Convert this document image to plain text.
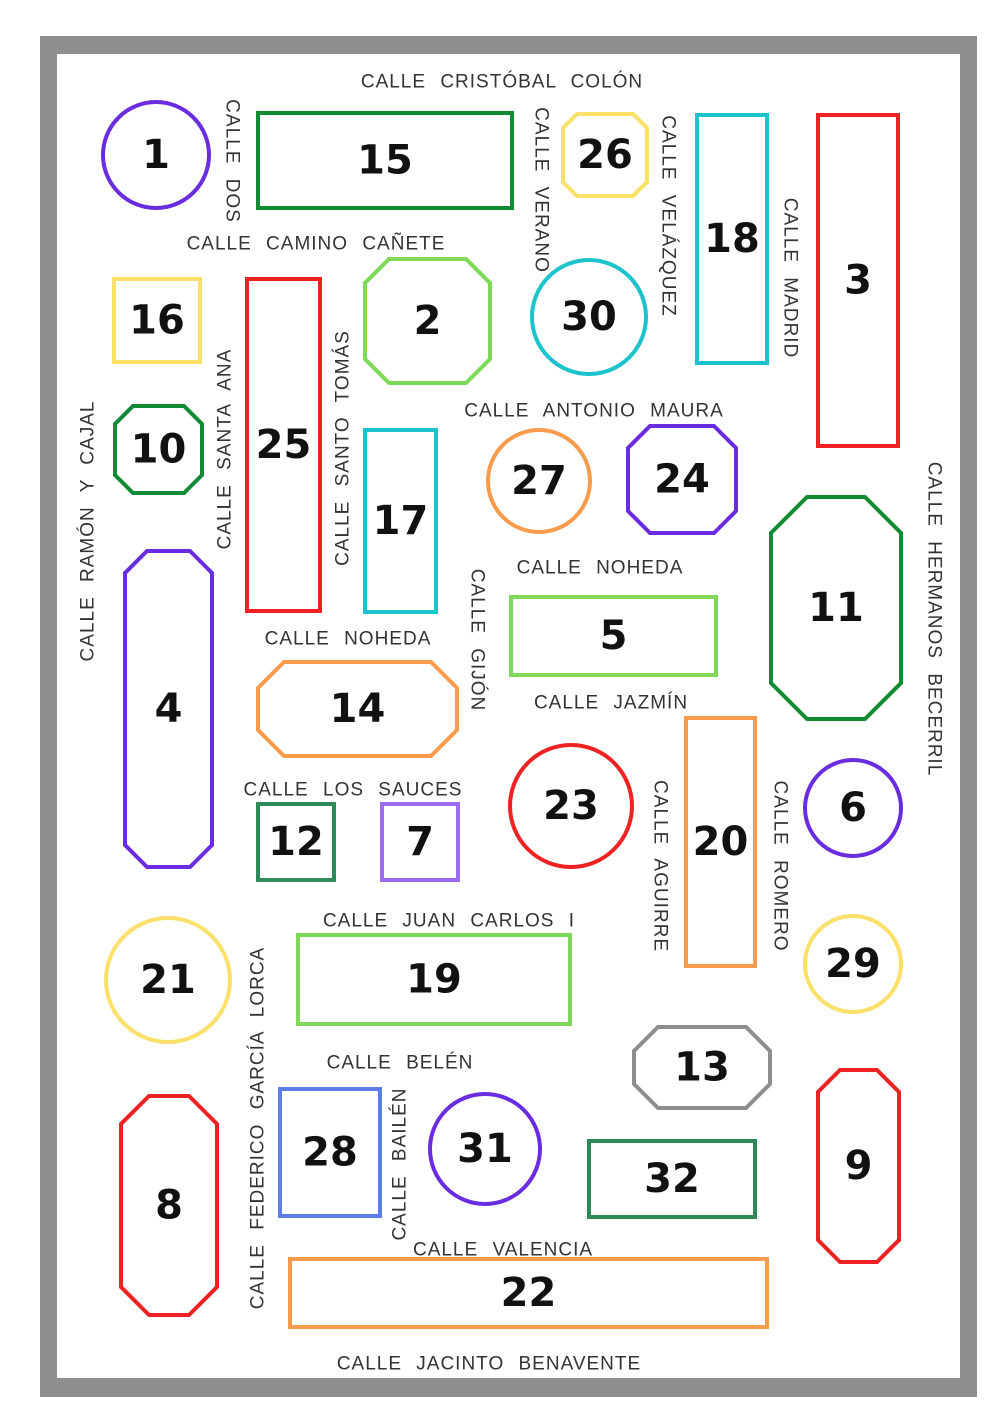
1	15	26
18
3
16
25
2	30
10
17
27 24
11
4
5
14
23
20
6
12 7
21	19	29
13
8
28 31
32	9
22
CALLE CRISTÓBAL COLÓN
CALLE DOS	CALLE VERANO	CALLE VELÁZQUEZ	CALLE MADRID
CALLE CAMINO CAÑETE
CALLE ANTONIO MAURA
CALLE SANTA ANA	CALLE SANTO TOMÁS
CALLE RAMÓN Y CAJAL	CALLE HERMANOS BECERRIL
CALLE NOHEDA
CALLE NOHEDA CALLE GIJÓN CALLE JAZMÍN
CALLE LOS SAUCES	CALLE AGUIRRE	CALLE ROMERO
CALLE JUAN CARLOS I
CALLE FEDERICO GARCÍA LORCA	CALLE BELÉN
CALLE BAILÉN
CALLE VALENCIA
CALLE JACINTO BENAVENTE
